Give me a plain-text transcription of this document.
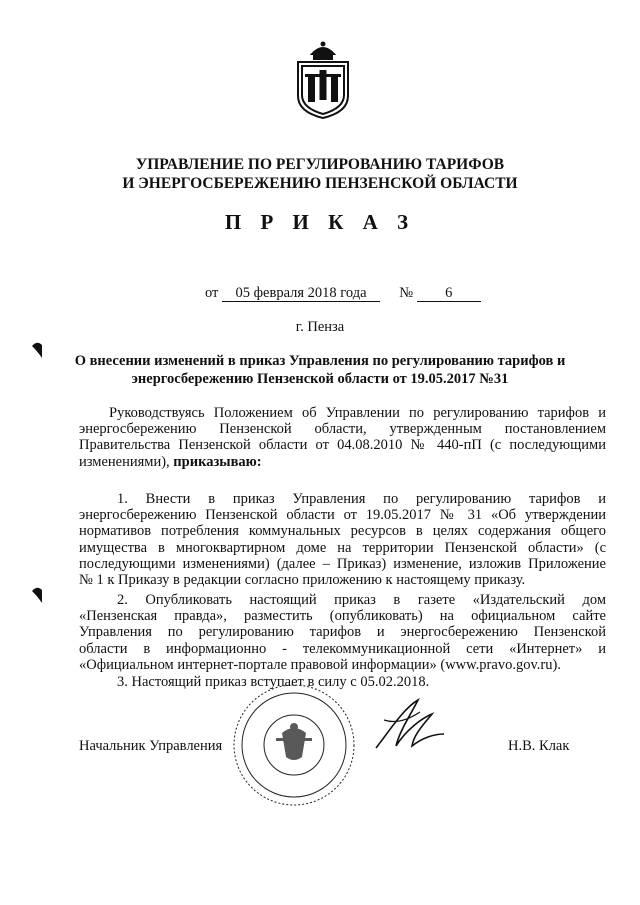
УПРАВЛЕНИЕ ПО РЕГУЛИРОВАНИЮ ТАРИФОВ
И ЭНЕРГОСБЕРЕЖЕНИЮ ПЕНЗЕНСКОЙ ОБЛАСТИ
П Р И К А З
от 05 февраля 2018 года № 6
г. Пенза
О внесении изменений в приказ Управления по регулированию тарифов и
энергосбережению Пензенской области от 19.05.2017 №31
Руководствуясь Положением об Управлении по регулированию тарифов и
энергосбережению Пензенской области, утвержденным постановлением
Правительства Пензенской области от 04.08.2010 № 440-пП (с последующими
изменениями), приказываю:
1. Внести в приказ Управления по регулированию тарифов и
энергосбережению Пензенской области от 19.05.2017 № 31 «Об утверждении
нормативов потребления коммунальных ресурсов в целях содержания общего
имущества в многоквартирном доме на территории Пензенской области» (с
последующими изменениями) (далее – Приказ) изменение, изложив Приложение
№ 1 к Приказу в редакции согласно приложению к настоящему приказу.
2. Опубликовать настоящий приказ в газете «Издательский дом
«Пензенская правда», разместить (опубликовать) на официальном сайте
Управления по регулированию тарифов и энергосбережению Пензенской
области в информационно - телекоммуникационной сети «Интернет» и
«Официальном интернет-портале правовой информации» (www.pravo.gov.ru).
3. Настоящий приказ вступает в силу с 05.02.2018.
Начальник Управления	Н.В. Клак
